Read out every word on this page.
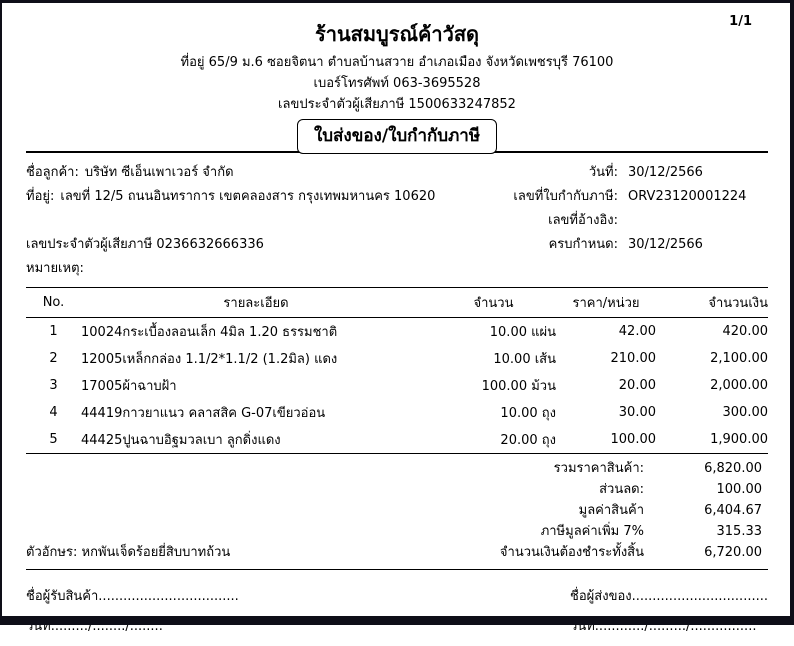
1/1
ร้านสมบูรณ์ค้าวัสดุ
ที่อยู่ 65/9 ม.6 ซอยจิตนา ตำบลบ้านสวาย อำเภอเมือง จังหวัดเพชรบุรี 76100
เบอร์โทรศัพท์ 063-3695528
เลขประจำตัวผู้เสียภาษี 1500633247852
ใบส่งของ/ใบกำกับภาษี
ชื่อลูกค้า: บริษัท ซีเอ็นเพาเวอร์ จำกัด
ที่อยู่: เลขที่ 12/5 ถนนอินทราการ เขตคลองสาร กรุงเทพมหานคร 10620
เลขประจำตัวผู้เสียภาษี 0236632666336
หมายเหตุ:
วันที่: 30/12/2566
เลขที่ใบกำกับภาษี: ORV23120001224
เลขที่อ้างอิง:
ครบกำหนด: 30/12/2566
No.	รายละเอียด	จำนวน	ราคา/หน่วย	จำนวนเงิน
1	10024กระเบื้องลอนเล็ก 4มิล 1.20 ธรรมชาติ	10.00 แผ่น	42.00	420.00
2	12005เหล็กกล่อง 1.1/2*1.1/2 (1.2มิล) แดง	10.00 เส้น	210.00	2,100.00
3	17005ผ้าฉาบฝ้า	100.00 ม้วน	20.00	2,000.00
4	44419กาวยาแนว คลาสสิค G-07เขียวอ่อน	10.00 ถุง	30.00	300.00
5	44425ปูนฉาบอิฐมวลเบา ลูกดิ่งแดง	20.00 ถุง	100.00	1,900.00
รวมราคาสินค้า:	6,820.00
ส่วนลด:	100.00
มูลค่าสินค้า	6,404.67
ภาษีมูลค่าเพิ่ม 7%	315.33
ตัวอักษร: หกพันเจ็ดร้อยยี่สิบบาทถ้วน	จำนวนเงินต้องชำระทั้งสิ้น	6,720.00
ชื่อผู้รับสินค้า..................................
วันที่........./......../........
ชื่อผู้ส่งของ.................................
วันที่............/........./................
